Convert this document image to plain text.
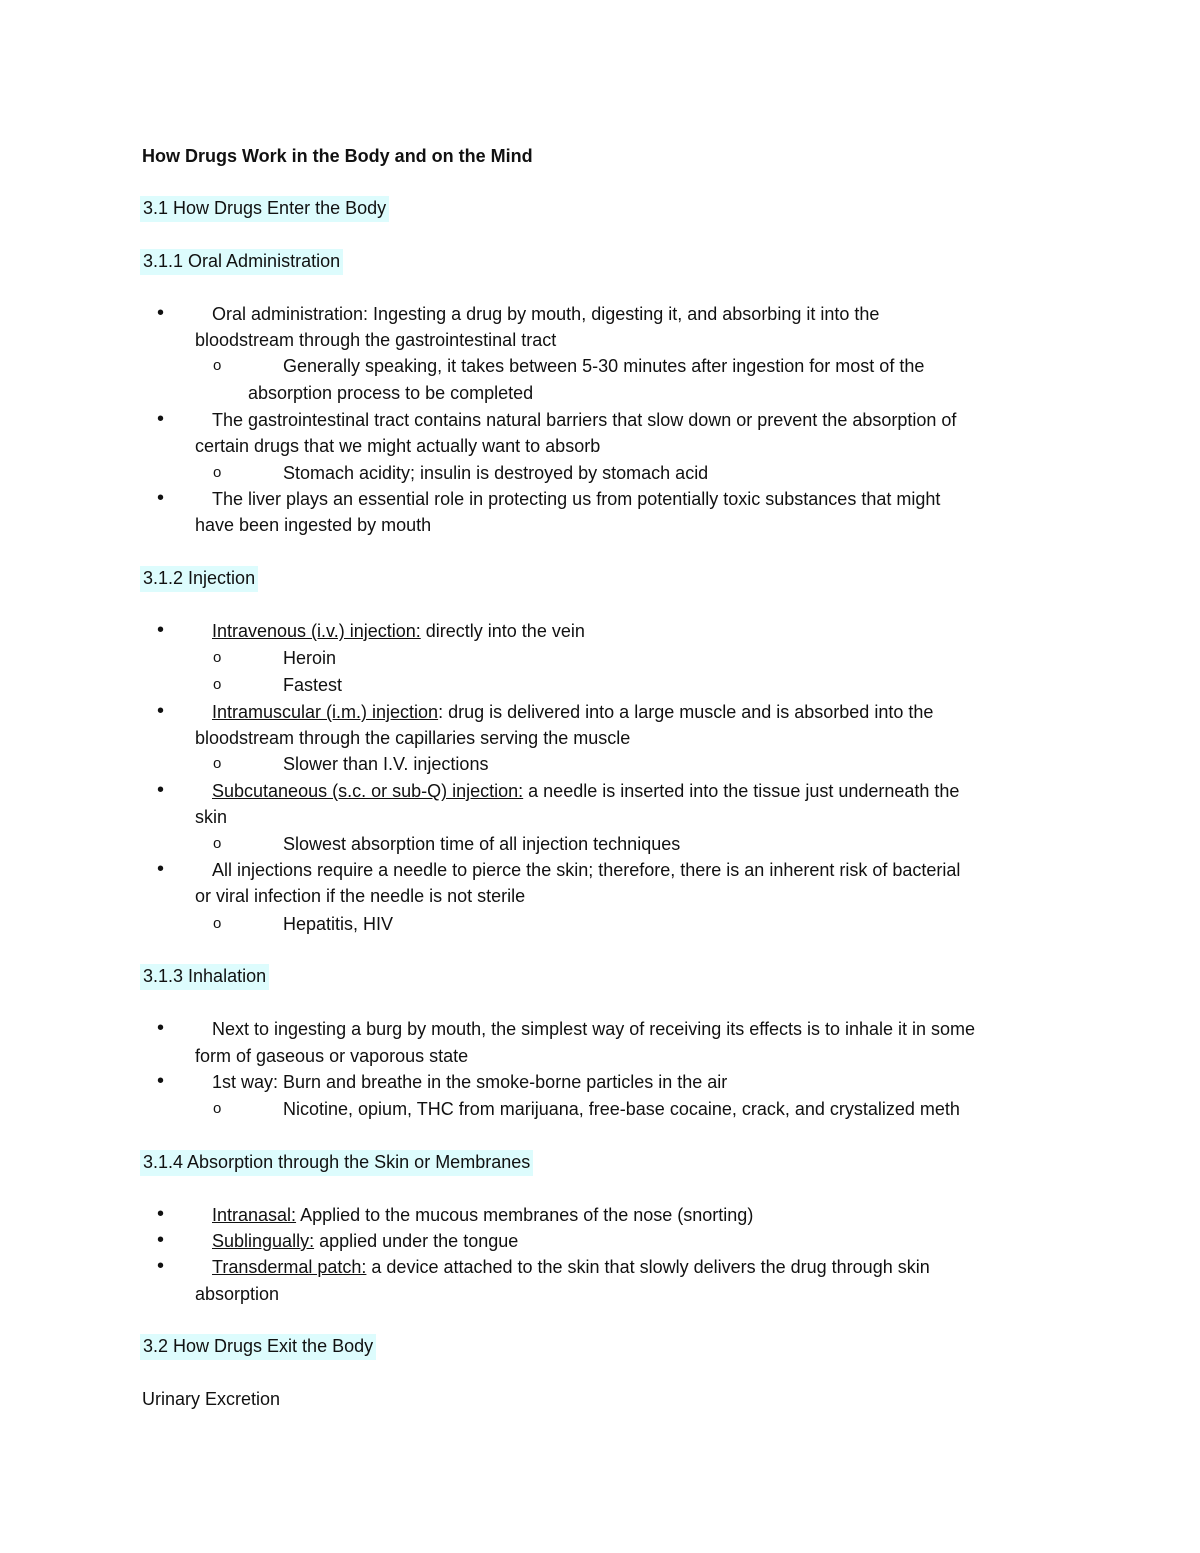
How Drugs Work in the Body and on the Mind
3.1 How Drugs Enter the Body
3.1.1 Oral Administration
•	Oral administration: Ingesting a drug by mouth, digesting it, and absorbing it into the
bloodstream through the gastrointestinal tract
o	Generally speaking, it takes between 5-30 minutes after ingestion for most of the
absorption process to be completed
•	The gastrointestinal tract contains natural barriers that slow down or prevent the absorption of
certain drugs that we might actually want to absorb
o	Stomach acidity; insulin is destroyed by stomach acid
•	The liver plays an essential role in protecting us from potentially toxic substances that might
have been ingested by mouth
3.1.2 Injection
•	Intravenous (i.v.) injection: directly into the vein
o	Heroin
o	Fastest
•	Intramuscular (i.m.) injection: drug is delivered into a large muscle and is absorbed into the
bloodstream through the capillaries serving the muscle
o	Slower than I.V. injections
•	Subcutaneous (s.c. or sub-Q) injection: a needle is inserted into the tissue just underneath the
skin
o	Slowest absorption time of all injection techniques
•	All injections require a needle to pierce the skin; therefore, there is an inherent risk of bacterial
or viral infection if the needle is not sterile
o	Hepatitis, HIV
3.1.3 Inhalation
•	Next to ingesting a burg by mouth, the simplest way of receiving its effects is to inhale it in some
form of gaseous or vaporous state
•	1st way: Burn and breathe in the smoke-borne particles in the air
o	Nicotine, opium, THC from marijuana, free-base cocaine, crack, and crystalized meth
3.1.4 Absorption through the Skin or Membranes
•	Intranasal: Applied to the mucous membranes of the nose (snorting)
•	Sublingually: applied under the tongue
•	Transdermal patch: a device attached to the skin that slowly delivers the drug through skin
absorption
3.2 How Drugs Exit the Body
Urinary Excretion
